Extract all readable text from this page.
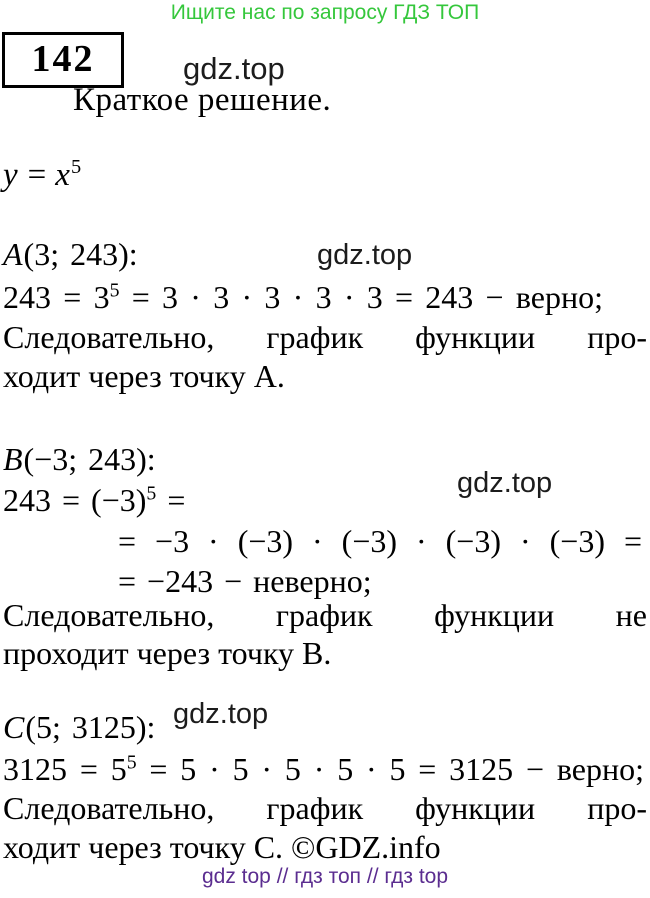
Ищите нас по запросу ГДЗ ТОП
142	gdz.top
Краткое решение.
$y = x^5$
A(3; 243):	gdz.top
$243 = 3^5 = 3 \cdot 3 \cdot 3 \cdot 3 \cdot 3 = 243$ − верно;
Следовательно, график функции про-
ходит через точку А.
B(−3; 243):
gdz.top
$243 = (-3)^5$ =
= −3 · (−3) · (−3) · (−3) · (−3) =
= −243 − неверно;
Следовательно, график функции не
проходит через точку В.
C(5; 3125): gdz.top
$3125 = 5^5 = 5 \cdot 5 \cdot 5 \cdot 5 \cdot 5 = 3125$ − верно;
Следовательно, график функции про-
ходит через точку C. ©GDZ.info
gdz top // гдз топ // гдз top
